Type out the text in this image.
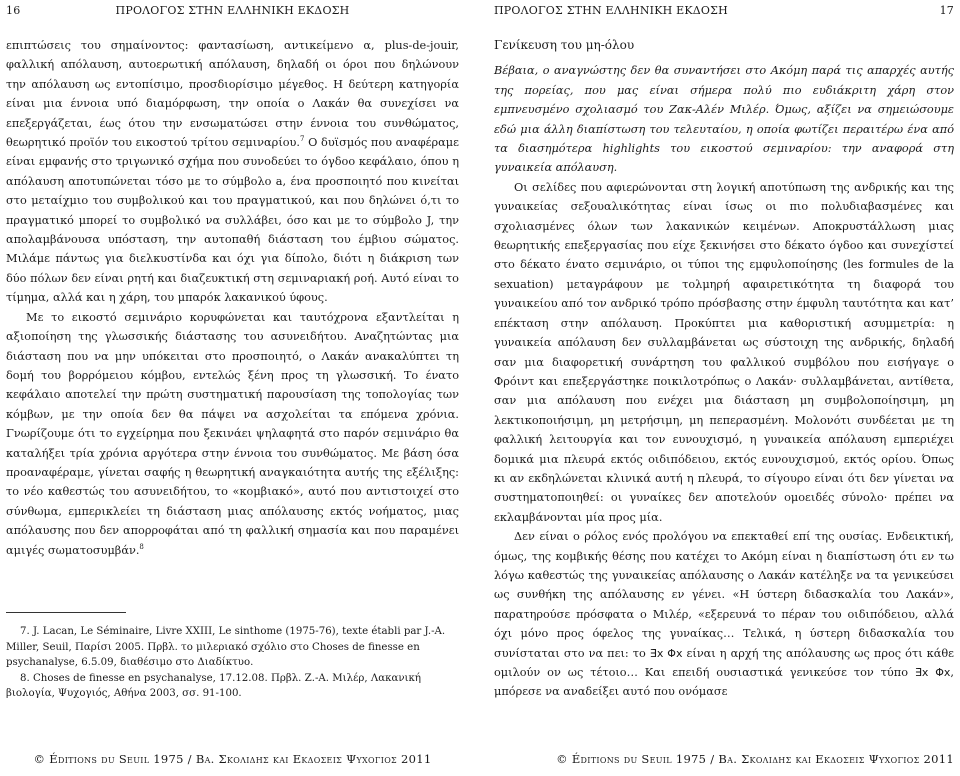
16	ΠΡΟΛΟΓΟΣ ΣΤΗΝ ΕΛΛΗΝΙΚΗ ΕΚΔΟΣΗ

επιπτώσεις του σημαίνοντος: φαντασίωση, αντικείμενο α, plus-de-jouir, φαλλική απόλαυση, αυτοερωτική απόλαυση, δηλαδή οι όροι που δηλώνουν την απόλαυση ως εντοπίσιμο, προσδιορίσιμο μέγεθος. Η δεύτερη κατηγορία είναι μια έννοια υπό διαμόρφωση, την οποία ο Λακάν θα συνεχίσει να επεξεργάζεται, έως ότου την ενσωματώσει στην έννοια του συνθώματος, θεωρητικό προϊόν του εικοστού τρίτου σεμιναρίου.$^7$ Ο δυϊσμός που αναφέραμε είναι εμφανής στο τριγωνικό σχήμα που συνοδεύει το όγδοο κεφάλαιο, όπου η απόλαυση αποτυπώνεται τόσο με το σύμβολο a, ένα προσποιητό που κινείται στο μεταίχμιο του συμβολικού και του πραγματικού, και που δηλώνει ό,τι το πραγματικό μπορεί το συμβολικό να συλλάβει, όσο και με το σύμβολο J, την απολαμβάνουσα υπόσταση, την αυτοπαθή διάσταση του έμβιου σώματος. Μιλάμε πάντως για διελκυστίνδα και όχι για δίπολο, διότι η διάκριση των δύο πόλων δεν είναι ρητή και διαζευκτική στη σεμιναριακή ροή. Αυτό είναι το τίμημα, αλλά και η χάρη, του μπαρόκ λακανικού ύφους.

Με το εικοστό σεμινάριο κορυφώνεται και ταυτόχρονα εξαντλείται η αξιοποίηση της γλωσσικής διάστασης του ασυνειδήτου. Αναζητώντας μια διάσταση που να μην υπόκειται στο προσποιητό, ο Λακάν ανακαλύπτει τη δομή του βορρόμειου κόμβου, εντελώς ξένη προς τη γλωσσική. Το ένατο κεφάλαιο αποτελεί την πρώτη συστηματική παρουσίαση της τοπολογίας των κόμβων, με την οποία δεν θα πάψει να ασχολείται τα επόμενα χρόνια. Γνωρίζουμε ότι το εγχείρημα που ξεκινάει ψηλαφητά στο παρόν σεμινάριο θα καταλήξει τρία χρόνια αργότερα στην έννοια του συνθώματος. Με βάση όσα προαναφέραμε, γίνεται σαφής η θεωρητική αναγκαιότητα αυτής της εξέλιξης: το νέο καθεστώς του ασυνειδήτου, το «κομβιακό», αυτό που αντιστοιχεί στο σύνθωμα, εμπερικλείει τη διάσταση μιας απόλαυσης εκτός νοήματος, μιας απόλαυσης που δεν απορροφάται από τη φαλλική σημασία και που παραμένει αμιγές σωματοσυμβάν.$^8$

7. J. Lacan, Le Séminaire, Livre XXIII, Le sinthome (1975-76), texte établi par J.-A. Miller, Seuil, Παρίσι 2005. Πρβλ. το μιλεριακό σχόλιο στο Choses de finesse en psychanalyse, 6.5.09, διαθέσιμο στο Διαδίκτυο.

8. Choses de finesse en psychanalyse, 17.12.08. Πρβλ. Ζ.-Α. Μιλέρ, Λακανική βιολογία, Ψυχογιός, Αθήνα 2003, σσ. 91-100.

© Éditions du Seuil 1975 / Βα. Σκολιδης και Εκδοσεις Ψυχογιος 2011
ΠΡΟΛΟΓΟΣ ΣΤΗΝ ΕΛΛΗΝΙΚΗ ΕΚΔΟΣΗ	17
Γενίκευση του μη-όλου

Βέβαια, ο αναγνώστης δεν θα συναντήσει στο Ακόμη παρά τις απαρχές αυτής της πορείας, που μας είναι σήμερα πολύ πιο ευδιάκριτη χάρη στον εμπνευσμένο σχολιασμό του Ζακ-Αλέν Μιλέρ. Όμως, αξίζει να σημειώσουμε εδώ μια άλλη διαπίστωση του τελευταίου, η οποία φωτίζει περαιτέρω ένα από τα διασημότερα highlights του εικοστού σεμιναρίου: την αναφορά στη γυναικεία απόλαυση.

Οι σελίδες που αφιερώνονται στη λογική αποτύπωση της ανδρικής και της γυναικείας σεξουαλικότητας είναι ίσως οι πιο πολυδιαβασμένες και σχολιασμένες όλων των λακανικών κειμένων. Αποκρυστάλλωση μιας θεωρητικής επεξεργασίας που είχε ξεκινήσει στο δέκατο όγδοο και συνεχίστεί στο δέκατο ένατο σεμινάριο, οι τύποι της εμφυλοποίησης (les formules de la sexuation) μεταγράφουν με τολμηρή αφαιρετικότητα τη διαφορά του γυναικείου από τον ανδρικό τρόπο πρόσβασης στην έμφυλη ταυτότητα και κατ’ επέκταση στην απόλαυση. Προκύπτει μια καθοριστική ασυμμετρία: η γυναικεία απόλαυση δεν συλλαμβάνεται ως σύστοιχη της ανδρικής, δηλαδή σαν μια διαφορετική συνάρτηση του φαλλικού συμβόλου που εισήγαγε ο Φρόιντ και επεξεργάστηκε ποικιλοτρόπως ο Λακάν· συλλαμβάνεται, αντίθετα, σαν μια απόλαυση που ενέχει μια διάσταση μη συμβολοποίησιμη, μη λεκτικοποιήσιμη, μη μετρήσιμη, μη πεπερασμένη. Μολονότι συνδέεται με τη φαλλική λειτουργία και τον ευνουχισμό, η γυναικεία απόλαυση εμπεριέχει δομικά μια πλευρά εκτός οιδιπόδειου, εκτός ευνουχισμού, εκτός ορίου. Όπως κι αν εκδηλώνεται κλινικά αυτή η πλευρά, το σίγουρο είναι ότι δεν γίνεται να συστηματοποιηθεί: οι γυναίκες δεν αποτελούν ομοειδές σύνολο· πρέπει να εκλαμβάνονται μία προς μία.

Δεν είναι ο ρόλος ενός προλόγου να επεκταθεί επί της ουσίας. Ενδεικτική, όμως, της κομβικής θέσης που κατέχει το Ακόμη είναι η διαπίστωση ότι εν τω λόγω καθεστώς της γυναικείας απόλαυσης ο Λακάν κατέληξε να τα γενικεύσει ως συνθήκη της απόλαυσης εν γένει. «Η ύστερη διδασκαλία του Λακάν», παρατηρούσε πρόσφατα ο Μιλέρ, «εξερευνά το πέραν του οιδιπόδειου, αλλά όχι μόνο προς όφελος της γυναίκας… Τελικά, η ύστερη διδασκαλία του συνίσταται στο να πει: το ∃̄x Φx είναι η αρχή της απόλαυσης ως προς ότι κάθε ομιλούν ον ως τέτοιο… Και επειδή ουσιαστικά γενικεύσε τον τύπο ∃̄x Φx, μπόρεσε να αναδείξει αυτό που ονόμασε

© Éditions du Seuil 1975 / Βα. Σκολιδης και Εκδοσεις Ψυχογιος 2011
